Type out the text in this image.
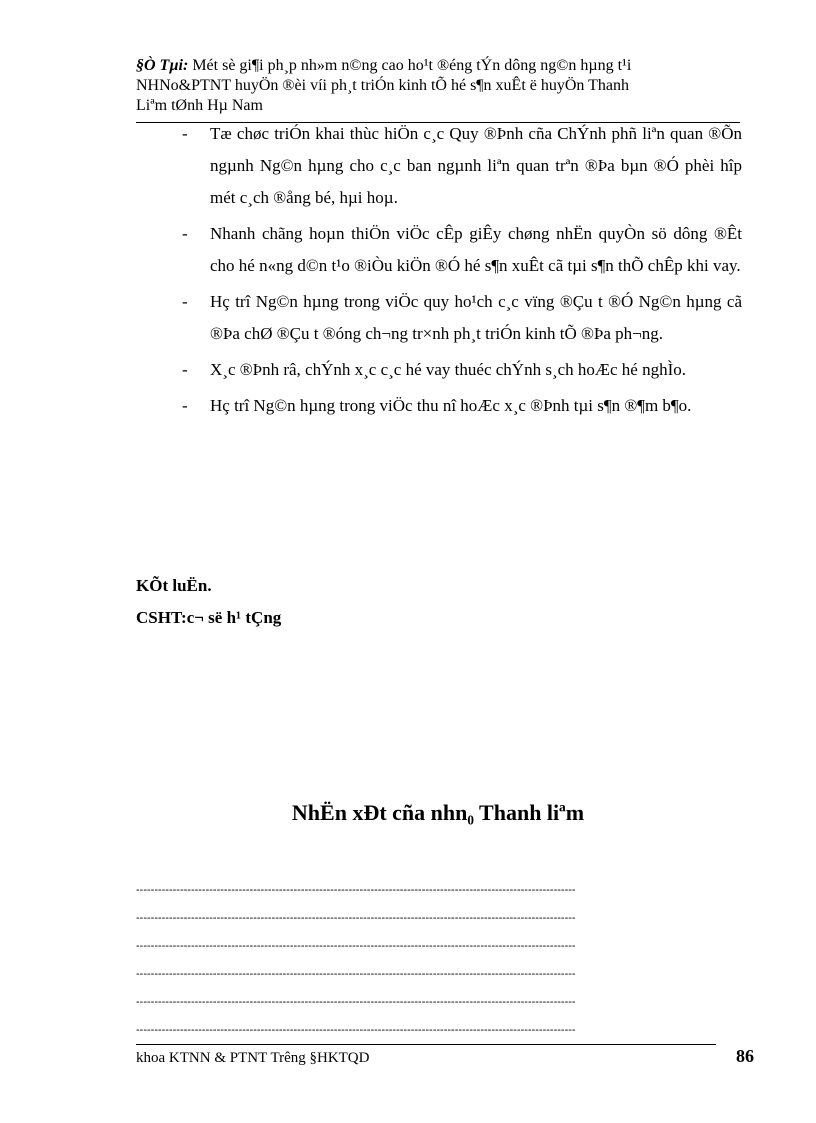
§Ò Tµi: Mét sè gi¶i ph¸p nh»m n©ng cao ho¹t ®éng tÝn dông ng©n hµng t¹i
NHNo&PTNT huyÖn ®èi víi ph¸t triÓn kinh tÕ hé s¶n xuÊt ë huyÖn Thanh
Liªm tØnh Hµ Nam
- Tæ chøc triÓn khai thùc hiÖn c¸c Quy ®Þnh cña ChÝnh phñ liªn quan ®Õn ngµnh Ng©n hµng cho c¸c ban ngµnh liªn quan trªn ®Þa bµn ®Ó phèi hîp mét c¸ch ®ång bé, hµi hoµ.
- Nhanh chãng hoµn thiÖn viÖc cÊp giÊy chøng nhËn quyÒn sö dông ®Êt cho hé n«ng d©n t¹o ®iÒu kiÖn ®Ó hé s¶n xuÊt cã tµi s¶n thÕ chÊp khi vay.
- Hç trî Ng©n hµng trong viÖc quy ho¹ch c¸c vïng ®Çu t ®Ó Ng©n hµng cã ®Þa chØ ®Çu t ®óng ch¬ng tr×nh ph¸t triÓn kinh tÕ ®Þa ph¬ng.
- X¸c ®Þnh râ, chÝnh x¸c c¸c hé vay thuéc chÝnh s¸ch hoÆc hé nghÌo.
- Hç trî Ng©n hµng trong viÖc thu nî hoÆc x¸c ®Þnh tµi s¶n ®¶m b¶o.
KÕt luËn.
CSHT:c¬ së h¹ tÇng
NhËn xÐt cña nhn₀ Thanh liªm
------------------------------------------------------------------------------------------------------------------------
------------------------------------------------------------------------------------------------------------------------
------------------------------------------------------------------------------------------------------------------------
------------------------------------------------------------------------------------------------------------------------
------------------------------------------------------------------------------------------------------------------------
------------------------------------------------------------------------------------------------------------------------
khoa KTNN & PTNT Trêng §HKTQD	86
